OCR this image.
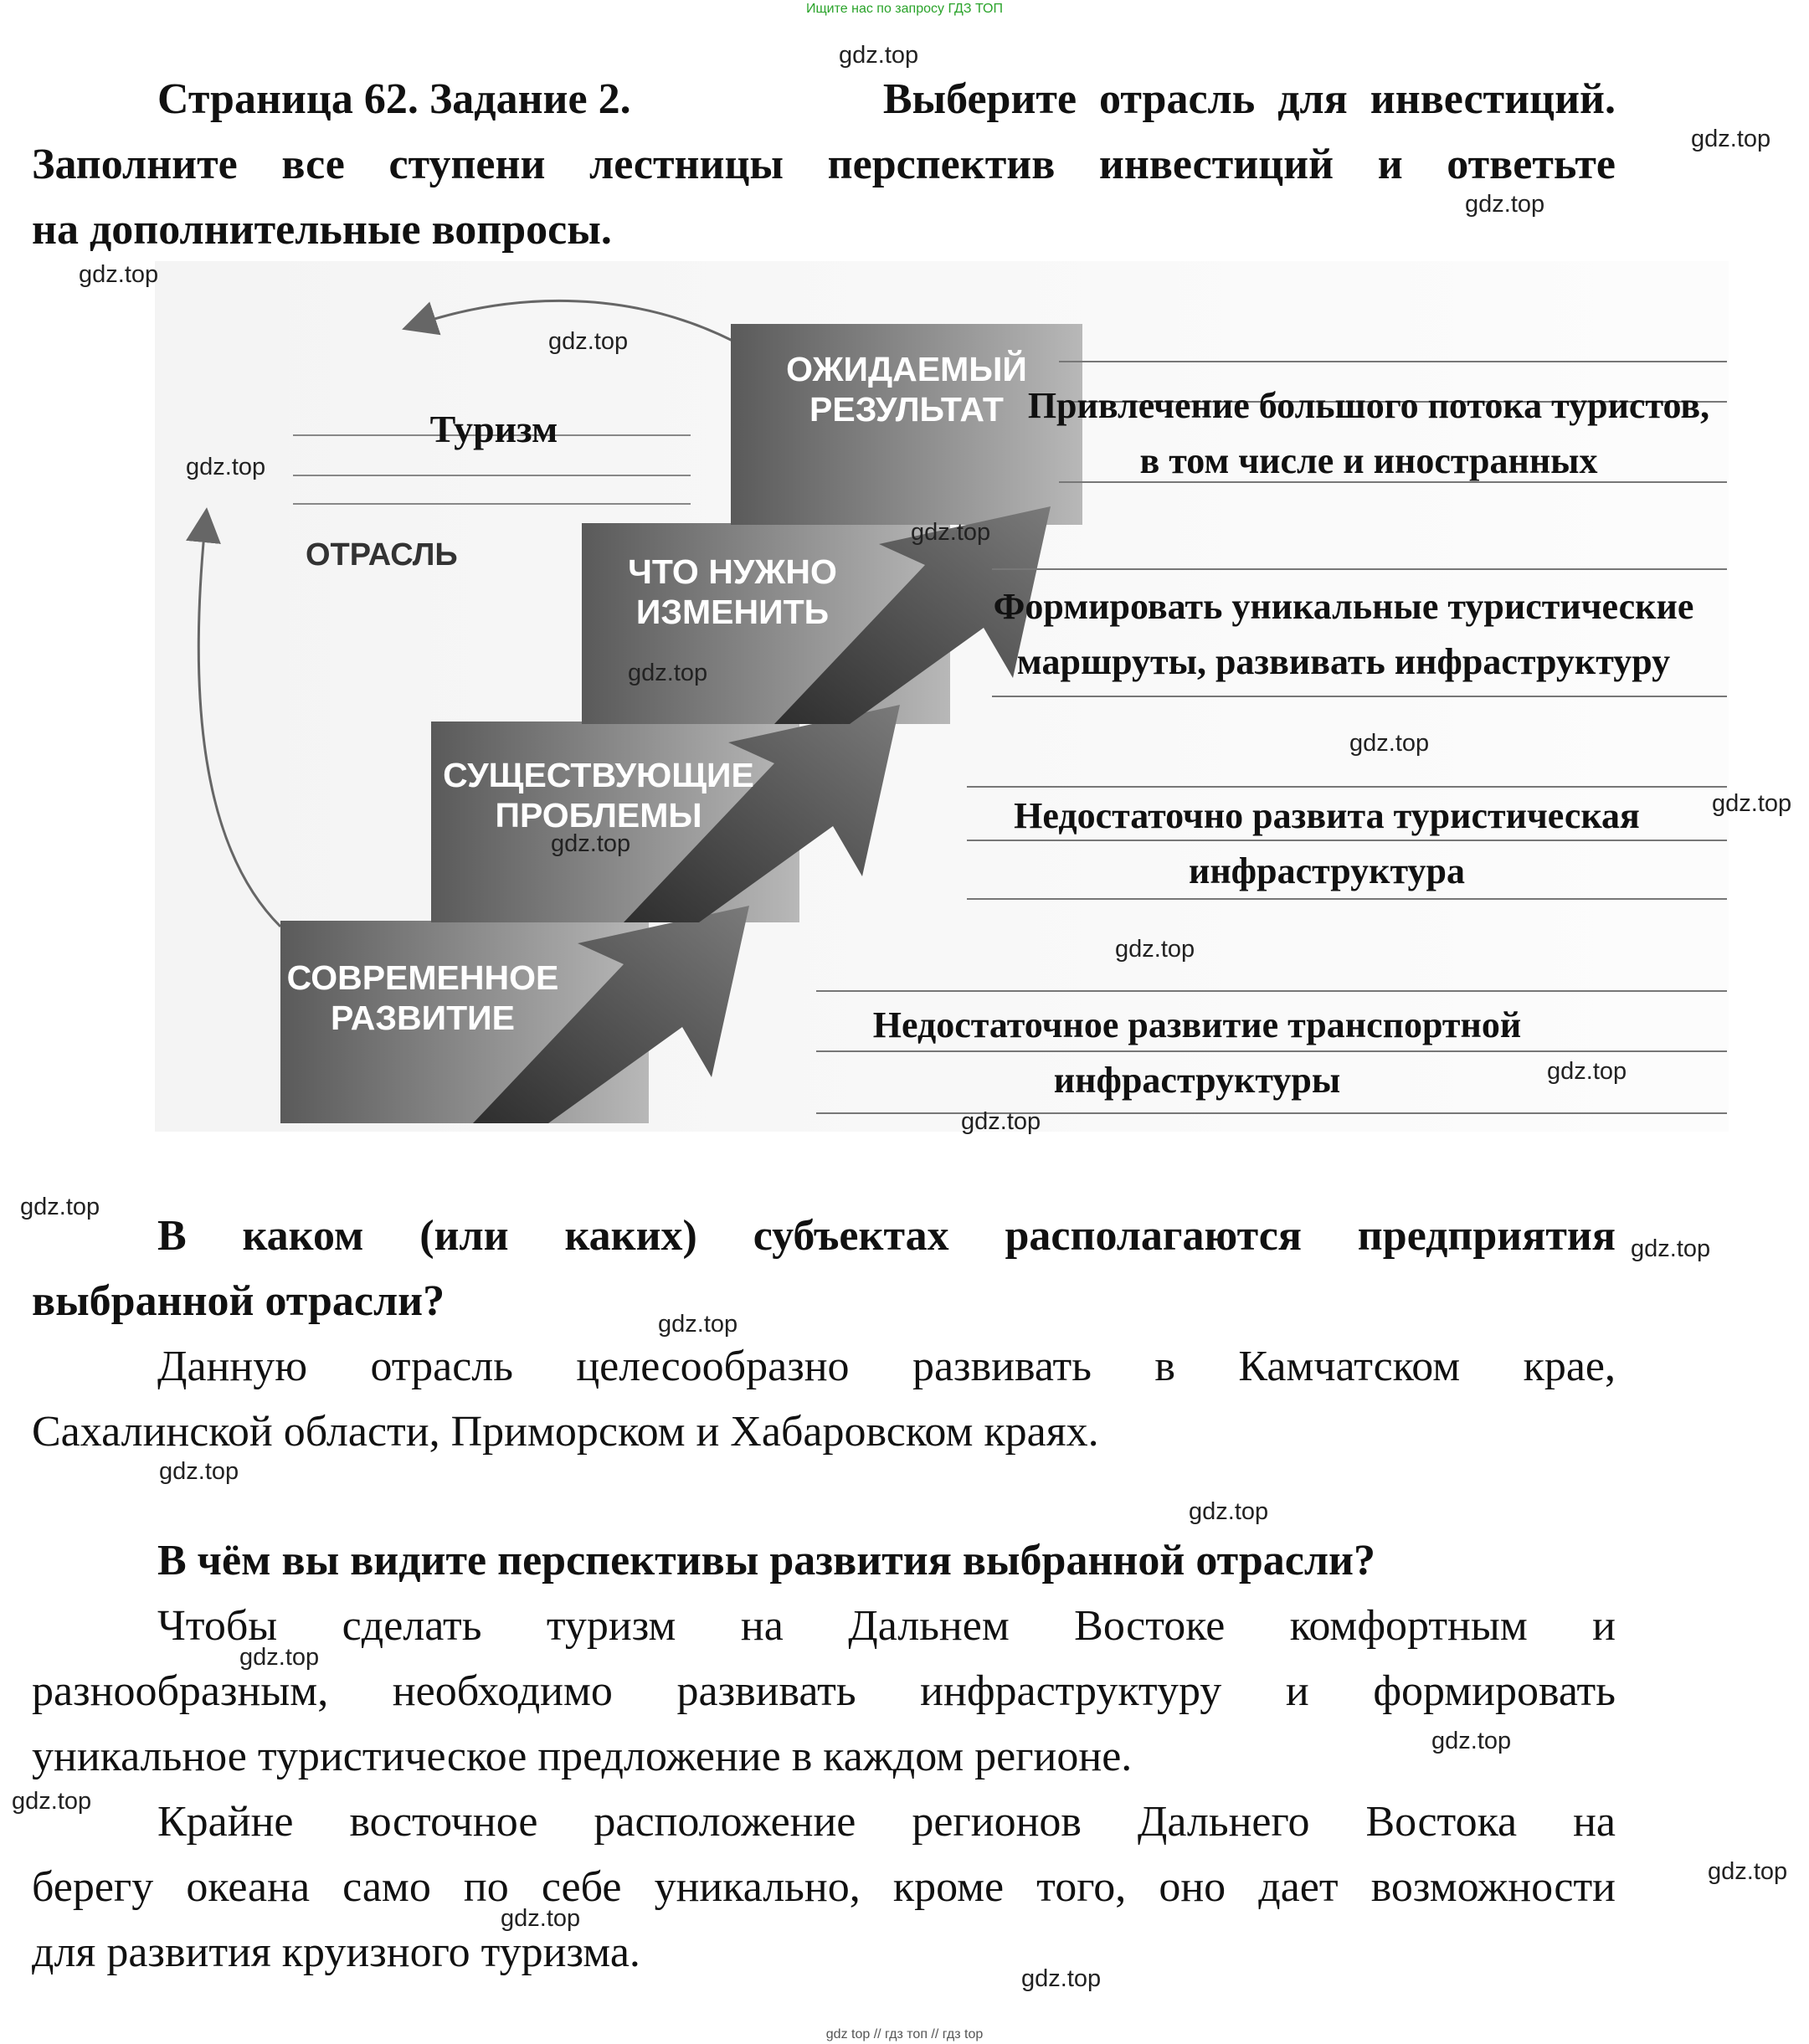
Ищите нас по запросу ГДЗ ТОП
Страница 62. Задание 2.	Выберите отрасль для инвестиций.
Заполните все ступени лестницы перспектив инвестиций и ответьте
на дополнительные вопросы.
ОЖИДАЕМЫЙ
РЕЗУЛЬТАТ
ЧТО НУЖНО
ИЗМЕНИТЬ
СУЩЕСТВУЮЩИЕ
ПРОБЛЕМЫ
СОВРЕМЕННОЕ
РАЗВИТИЕ
ОТРАСЛЬ
Туризм
Привлечение большого потока туристов,
в том числе и иностранных
Формировать уникальные туристические
маршруты, развивать инфраструктуру
Недостаточно развита туристическая
инфраструктура
Недостаточное развитие транспортной
инфраструктуры
В каком (или каких) субъектах располагаются предприятия
выбранной отрасли?
Данную отрасль целесообразно развивать в Камчатском крае,
Сахалинской области, Приморском и Хабаровском краях.
В чём вы видите перспективы развития выбранной отрасли?
Чтобы сделать туризм на Дальнем Востоке комфортным и
разнообразным, необходимо развивать инфраструктуру и формировать
уникальное туристическое предложение в каждом регионе.
Крайне восточное расположение регионов Дальнего Востока на
берегу океана само по себе уникально, кроме того, оно дает возможности
для развития круизного туризма.
gdz.top
gdz.top
gdz.top
gdz.top
gdz.top
gdz.top
gdz.top
gdz.top
gdz.top
gdz.top
gdz.top
gdz.top
gdz.top
gdz.top
gdz.top
gdz.top
gdz.top
gdz.top
gdz.top
gdz.top
gdz.top
gdz.top
gdz.top
gdz.top
gdz.top
gdz top // гдз топ // гдз top
